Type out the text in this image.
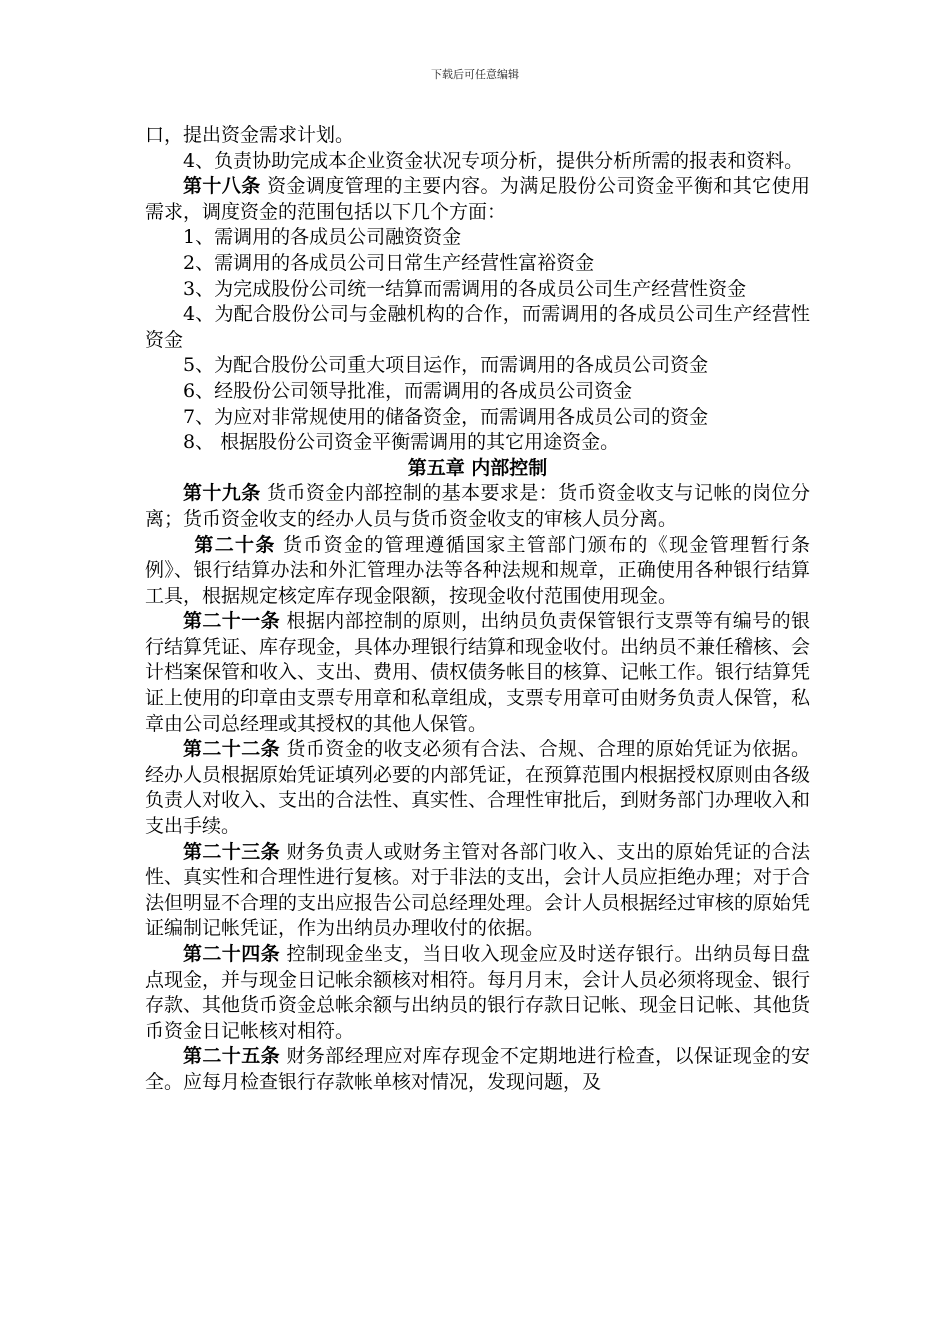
下载后可任意编辑

口，提出资金需求计划。

4、负责协助完成本企业资金状况专项分析，提供分析所需的报表和资料。

第十八条 资金调度管理的主要内容。为满足股份公司资金平衡和其它使用需求，调度资金的范围包括以下几个方面：

1、需调用的各成员公司融资资金

2、需调用的各成员公司日常生产经营性富裕资金

3、为完成股份公司统一结算而需调用的各成员公司生产经营性资金

4、为配合股份公司与金融机构的合作，而需调用的各成员公司生产经营性资金

5、为配合股份公司重大项目运作，而需调用的各成员公司资金

6、经股份公司领导批准，而需调用的各成员公司资金

7、为应对非常规使用的储备资金，而需调用各成员公司的资金

8、 根据股份公司资金平衡需调用的其它用途资金。

第五章 内部控制

第十九条 货币资金内部控制的基本要求是：货币资金收支与记帐的岗位分离；货币资金收支的经办人员与货币资金收支的审核人员分离。

第二十条 货币资金的管理遵循国家主管部门颁布的《现金管理暂行条例》、银行结算办法和外汇管理办法等各种法规和规章，正确使用各种银行结算工具，根据规定核定库存现金限额，按现金收付范围使用现金。

第二十一条 根据内部控制的原则，出纳员负责保管银行支票等有编号的银行结算凭证、库存现金，具体办理银行结算和现金收付。出纳员不兼任稽核、会计档案保管和收入、支出、费用、债权债务帐目的核算、记帐工作。银行结算凭证上使用的印章由支票专用章和私章组成，支票专用章可由财务负责人保管，私章由公司总经理或其授权的其他人保管。

第二十二条 货币资金的收支必须有合法、合规、合理的原始凭证为依据。经办人员根据原始凭证填列必要的内部凭证，在预算范围内根据授权原则由各级负责人对收入、支出的合法性、真实性、合理性审批后，到财务部门办理收入和支出手续。

第二十三条 财务负责人或财务主管对各部门收入、支出的原始凭证的合法性、真实性和合理性进行复核。对于非法的支出，会计人员应拒绝办理；对于合法但明显不合理的支出应报告公司总经理处理。会计人员根据经过审核的原始凭证编制记帐凭证，作为出纳员办理收付的依据。

第二十四条 控制现金坐支，当日收入现金应及时送存银行。出纳员每日盘点现金，并与现金日记帐余额核对相符。每月月末，会计人员必须将现金、银行存款、其他货币资金总帐余额与出纳员的银行存款日记帐、现金日记帐、其他货币资金日记帐核对相符。

第二十五条 财务部经理应对库存现金不定期地进行检查，以保证现金的安全。应每月检查银行存款帐单核对情况，发现问题，及
